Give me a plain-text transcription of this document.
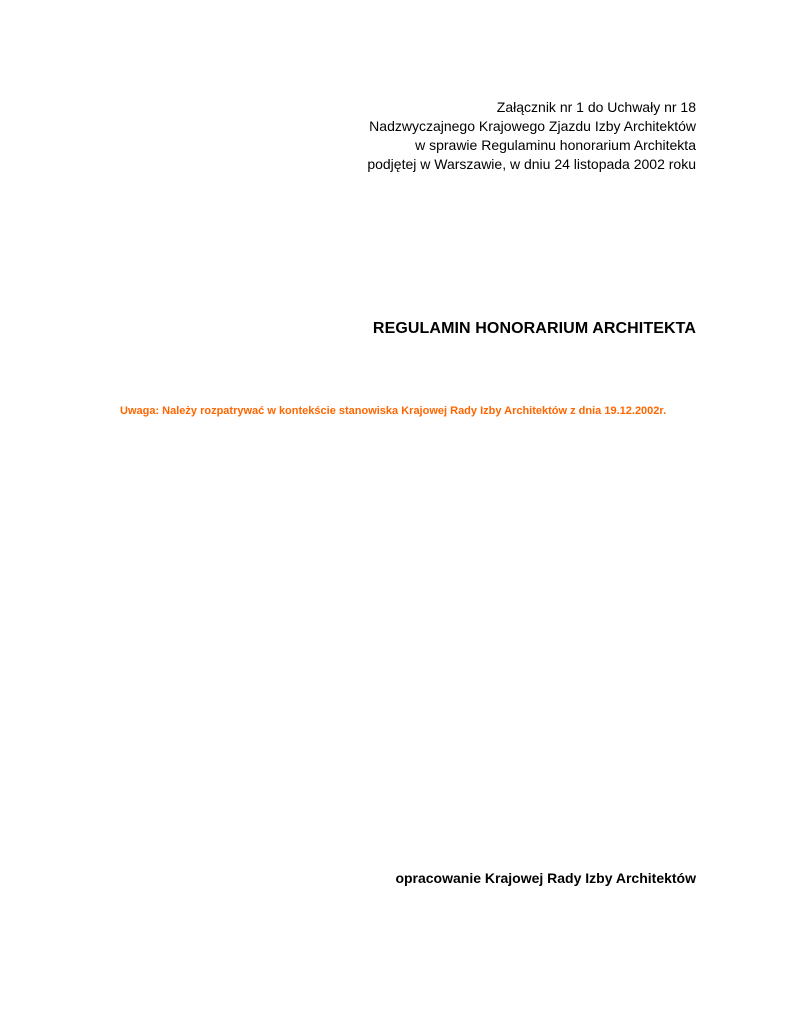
Załącznik nr 1 do Uchwały nr 18
Nadzwyczajnego Krajowego Zjazdu Izby Architektów
w sprawie Regulaminu honorarium Architekta
podjętej w Warszawie, w dniu 24 listopada 2002 roku
REGULAMIN HONORARIUM ARCHITEKTA
Uwaga: Należy rozpatrywać w kontekście stanowiska Krajowej Rady Izby Architektów z dnia 19.12.2002r.
opracowanie Krajowej Rady Izby Architektów
